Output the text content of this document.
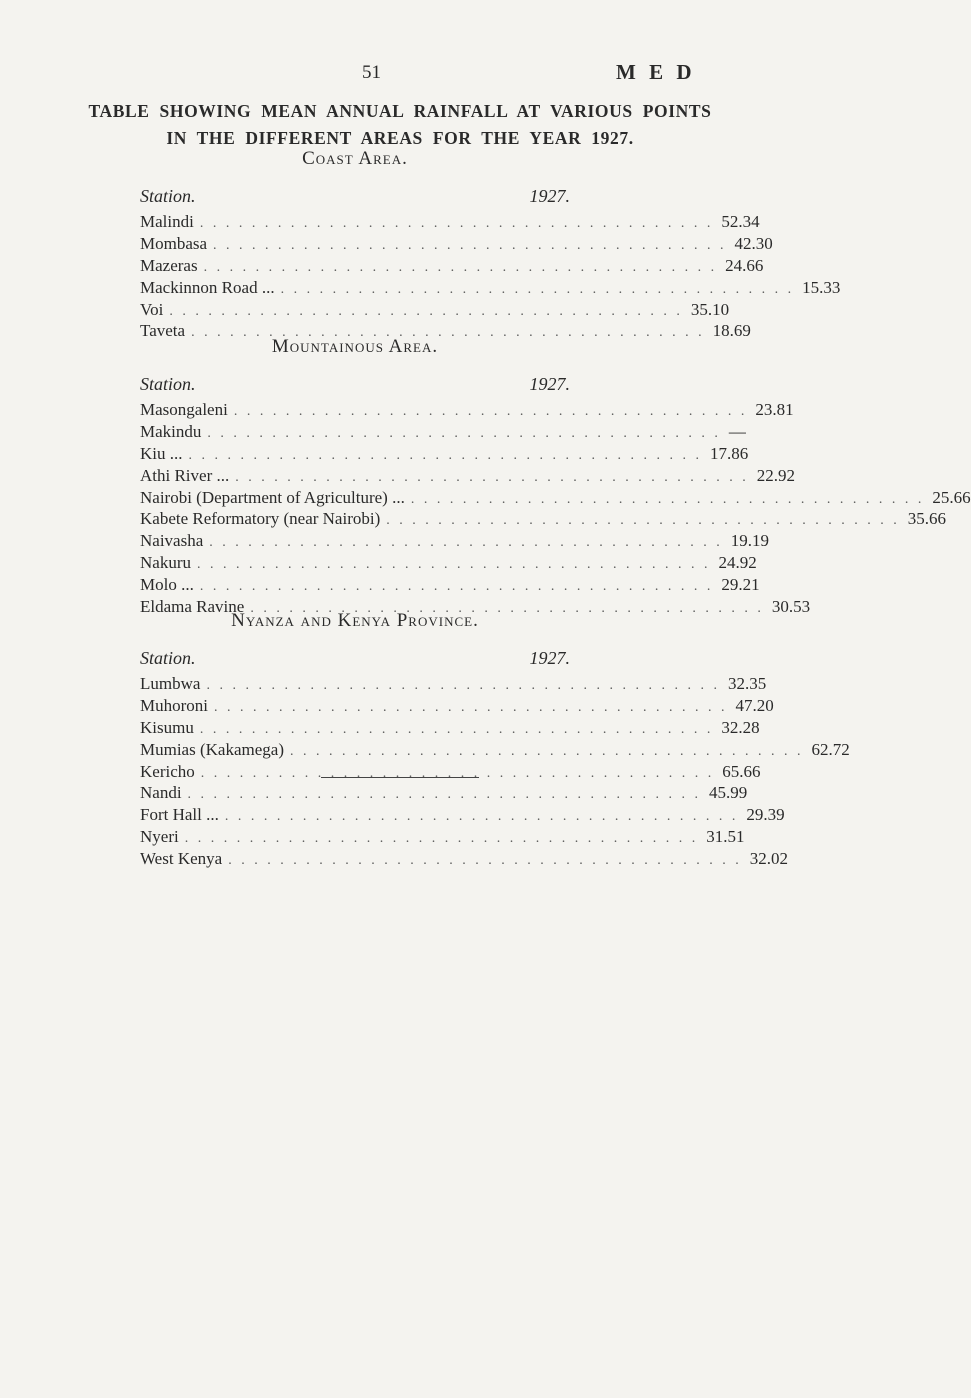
51	M E D
TABLE SHOWING MEAN ANNUAL RAINFALL AT VARIOUS POINTS
IN THE DIFFERENT AREAS FOR THE YEAR 1927.
Coast Area.
Station.	1927.
Malindi . . . . . . . . . . . . . . . . . . . . . . . . . . . . . . . . . . . . . . . . 52.34
Mombasa . . . . . . . . . . . . . . . . . . . . . . . . . . . . . . . . . . . . . . . . 42.30
Mazeras . . . . . . . . . . . . . . . . . . . . . . . . . . . . . . . . . . . . . . . . 24.66
Mackinnon Road ... . . . . . . . . . . . . . . . . . . . . . . . . . . . . . . . . . . . . . . . . 15.33
Voi . . . . . . . . . . . . . . . . . . . . . . . . . . . . . . . . . . . . . . . . 35.10
Taveta . . . . . . . . . . . . . . . . . . . . . . . . . . . . . . . . . . . . . . . . 18.69
Mountainous Area.
Station.	1927.
Masongaleni . . . . . . . . . . . . . . . . . . . . . . . . . . . . . . . . . . . . . . . . 23.81
Makindu . . . . . . . . . . . . . . . . . . . . . . . . . . . . . . . . . . . . . . . . —
Kiu ... . . . . . . . . . . . . . . . . . . . . . . . . . . . . . . . . . . . . . . . . 17.86
Athi River ... . . . . . . . . . . . . . . . . . . . . . . . . . . . . . . . . . . . . . . . . 22.92
Nairobi (Department of Agriculture) ... . . . . . . . . . . . . . . . . . . . . . . . . . . . . . . . . . . . . . . . . 25.66
Kabete Reformatory (near Nairobi) . . . . . . . . . . . . . . . . . . . . . . . . . . . . . . . . . . . . . . . . 35.66
Naivasha . . . . . . . . . . . . . . . . . . . . . . . . . . . . . . . . . . . . . . . . 19.19
Nakuru . . . . . . . . . . . . . . . . . . . . . . . . . . . . . . . . . . . . . . . . 24.92
Molo ... . . . . . . . . . . . . . . . . . . . . . . . . . . . . . . . . . . . . . . . . 29.21
Eldama Ravine . . . . . . . . . . . . . . . . . . . . . . . . . . . . . . . . . . . . . . . . 30.53
Nyanza and Kenya Province.
Station.	1927.
Lumbwa . . . . . . . . . . . . . . . . . . . . . . . . . . . . . . . . . . . . . . . . 32.35
Muhoroni . . . . . . . . . . . . . . . . . . . . . . . . . . . . . . . . . . . . . . . . 47.20
Kisumu . . . . . . . . . . . . . . . . . . . . . . . . . . . . . . . . . . . . . . . . 32.28
Mumias (Kakamega) . . . . . . . . . . . . . . . . . . . . . . . . . . . . . . . . . . . . . . . . 62.72
Kericho . . . . . . . . . . . . . . . . . . . . . . . . . . . . . . . . . . . . . . . . 65.66
Nandi . . . . . . . . . . . . . . . . . . . . . . . . . . . . . . . . . . . . . . . . 45.99
Fort Hall ... . . . . . . . . . . . . . . . . . . . . . . . . . . . . . . . . . . . . . . . . 29.39
Nyeri . . . . . . . . . . . . . . . . . . . . . . . . . . . . . . . . . . . . . . . . 31.51
West Kenya . . . . . . . . . . . . . . . . . . . . . . . . . . . . . . . . . . . . . . . . 32.02
